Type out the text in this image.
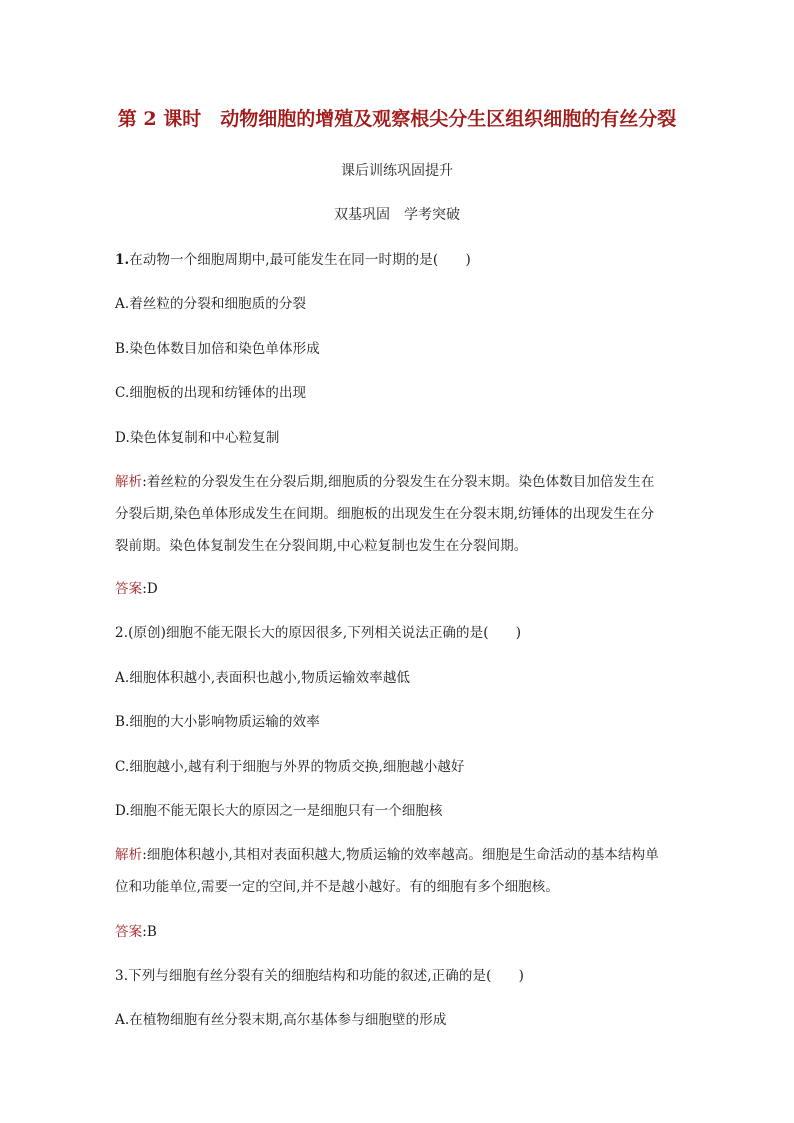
第 2 课时　动物细胞的增殖及观察根尖分生区组织细胞的有丝分裂
课后训练巩固提升
双基巩固　学考突破
1.在动物一个细胞周期中,最可能发生在同一时期的是(　　)
A.着丝粒的分裂和细胞质的分裂
B.染色体数目加倍和染色单体形成
C.细胞板的出现和纺锤体的出现
D.染色体复制和中心粒复制
解析:着丝粒的分裂发生在分裂后期,细胞质的分裂发生在分裂末期。染色体数目加倍发生在
分裂后期,染色单体形成发生在间期。细胞板的出现发生在分裂末期,纺锤体的出现发生在分
裂前期。染色体复制发生在分裂间期,中心粒复制也发生在分裂间期。
答案:D
2.(原创)细胞不能无限长大的原因很多,下列相关说法正确的是(　　)
A.细胞体积越小,表面积也越小,物质运输效率越低
B.细胞的大小影响物质运输的效率
C.细胞越小,越有利于细胞与外界的物质交换,细胞越小越好
D.细胞不能无限长大的原因之一是细胞只有一个细胞核
解析:细胞体积越小,其相对表面积越大,物质运输的效率越高。细胞是生命活动的基本结构单
位和功能单位,需要一定的空间,并不是越小越好。有的细胞有多个细胞核。
答案:B
3.下列与细胞有丝分裂有关的细胞结构和功能的叙述,正确的是(　　)
A.在植物细胞有丝分裂末期,高尔基体参与细胞壁的形成
